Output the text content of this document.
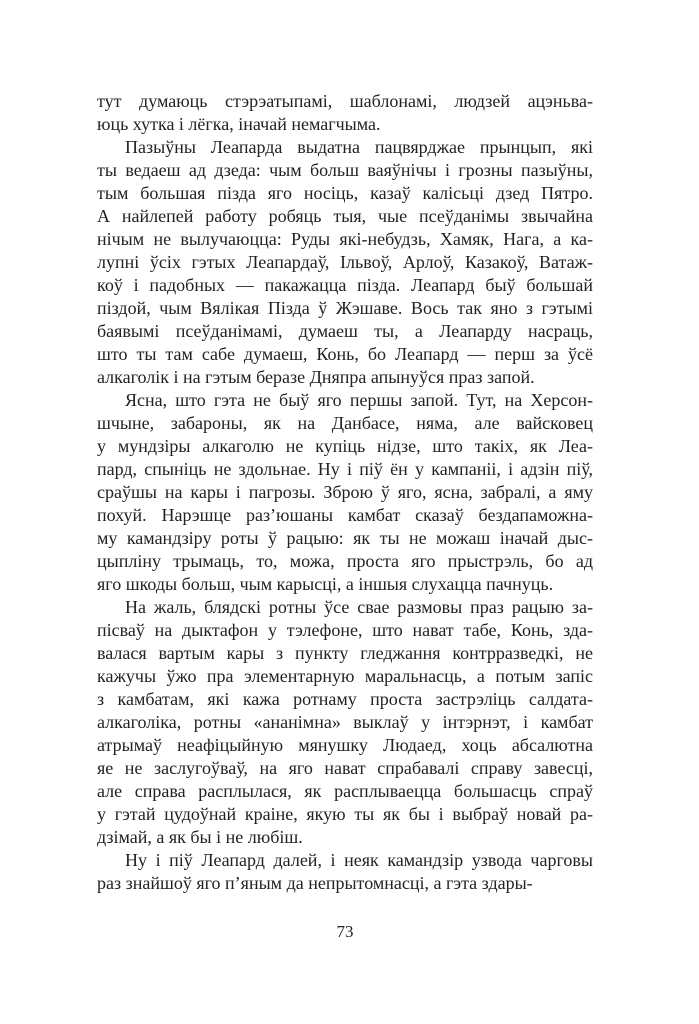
тут думаюць стэрэатыпамі, шаблонамі, людзей ацэньва-
юць хутка і лёгка, іначай немагчыма.
Пазыўны Леапарда выдатна пацвярджае прынцып, які
ты ведаеш ад дзеда: чым больш ваяўнічы і грозны пазыўны,
тым большая пізда яго носіць, казаў калісьці дзед Пятро.
А найлепей работу робяць тыя, чые псеўданімы звычайна
нічым не вылучаюцца: Руды які-небудзь, Хамяк, Нага, а ка-
лупні ўсіх гэтых Леапардаў, Ільвоў, Арлоў, Казакоў, Ватаж-
коў і падобных — пакажацца пізда. Леапард быў большай
піздой, чым Вялікая Пізда ў Жэшаве. Вось так яно з гэтымі
баявымі псеўданімамі, думаеш ты, а Леапарду насраць,
што ты там сабе думаеш, Конь, бо Леапард — перш за ўсё
алкаголік і на гэтым беразе Дняпра апынуўся праз запой.
Ясна, што гэта не быў яго першы запой. Тут, на Херсон-
шчыне, забароны, як на Данбасе, няма, але вайсковец
у мундзіры алкаголю не купіць нідзе, што такіх, як Леа-
пард, спыніць не здольнае. Ну і піў ён у кампаніі, і адзін піў,
сраўшы на кары і пагрозы. Зброю ў яго, ясна, забралі, а яму
похуй. Нарэшце раз’юшаны камбат сказаў бездапаможна-
му камандзіру роты ў рацыю: як ты не можаш іначай дыс-
цыпліну трымаць, то, можа, проста яго прыстрэль, бо ад
яго шкоды больш, чым карысці, а іншыя слухацца пачнуць.
На жаль, блядскі ротны ўсе свае размовы праз рацыю за-
пісваў на дыктафон у тэлефоне, што нават табе, Конь, зда-
валася вартым кары з пункту гледжання контрразведкі, не
кажучы ўжо пра элементарную маральнасць, а потым запіс
з камбатам, які кажа ротнаму проста застрэліць салдата-
алкаголіка, ротны «ананімна» выклаў у інтэрнэт, і камбат
атрымаў неафіцыйную мянушку Людаед, хоць абсалютна
яе не заслугоўваў, на яго нават спрабавалі справу завесці,
але справа расплылася, як расплываецца большасць спраў
у гэтай цудоўнай краіне, якую ты як бы і выбраў новай ра-
дзімай, а як бы і не любіш.
Ну і піў Леапард далей, і неяк камандзір узвода чарговы
раз знайшоў яго п’яным да непрытомнасці, а гэта здары-
73
